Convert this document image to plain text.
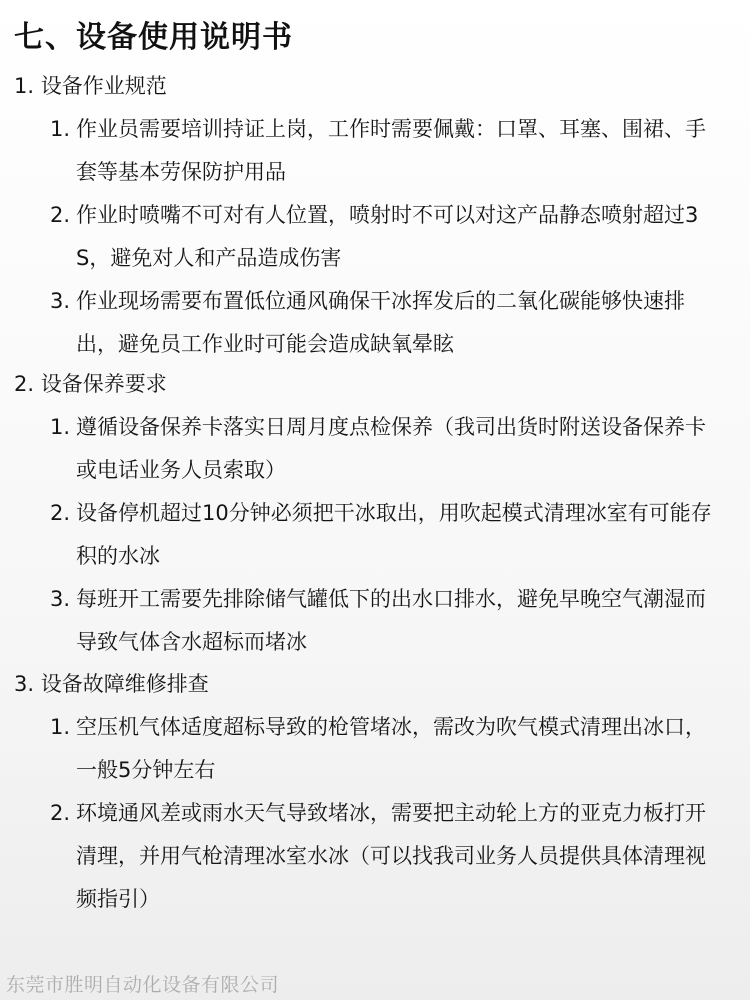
七、设备使用说明书
1. 设备作业规范
1. 作业员需要培训持证上岗，工作时需要佩戴：口罩、耳塞、围裙、手套等基本劳保防护用品
2. 作业时喷嘴不可对有人位置，喷射时不可以对这产品静态喷射超过3S，避免对人和产品造成伤害
3. 作业现场需要布置低位通风确保干冰挥发后的二氧化碳能够快速排出，避免员工作业时可能会造成缺氧晕眩
2. 设备保养要求
1. 遵循设备保养卡落实日周月度点检保养（我司出货时附送设备保养卡或电话业务人员索取）
2. 设备停机超过10分钟必须把干冰取出，用吹起模式清理冰室有可能存积的水冰
3. 每班开工需要先排除储气罐低下的出水口排水，避免早晚空气潮湿而导致气体含水超标而堵冰
3. 设备故障维修排查
1. 空压机气体适度超标导致的枪管堵冰，需改为吹气模式清理出冰口，一般5分钟左右
2. 环境通风差或雨水天气导致堵冰，需要把主动轮上方的亚克力板打开清理，并用气枪清理冰室水冰（可以找我司业务人员提供具体清理视频指引）
东莞市胜明自动化设备有限公司
